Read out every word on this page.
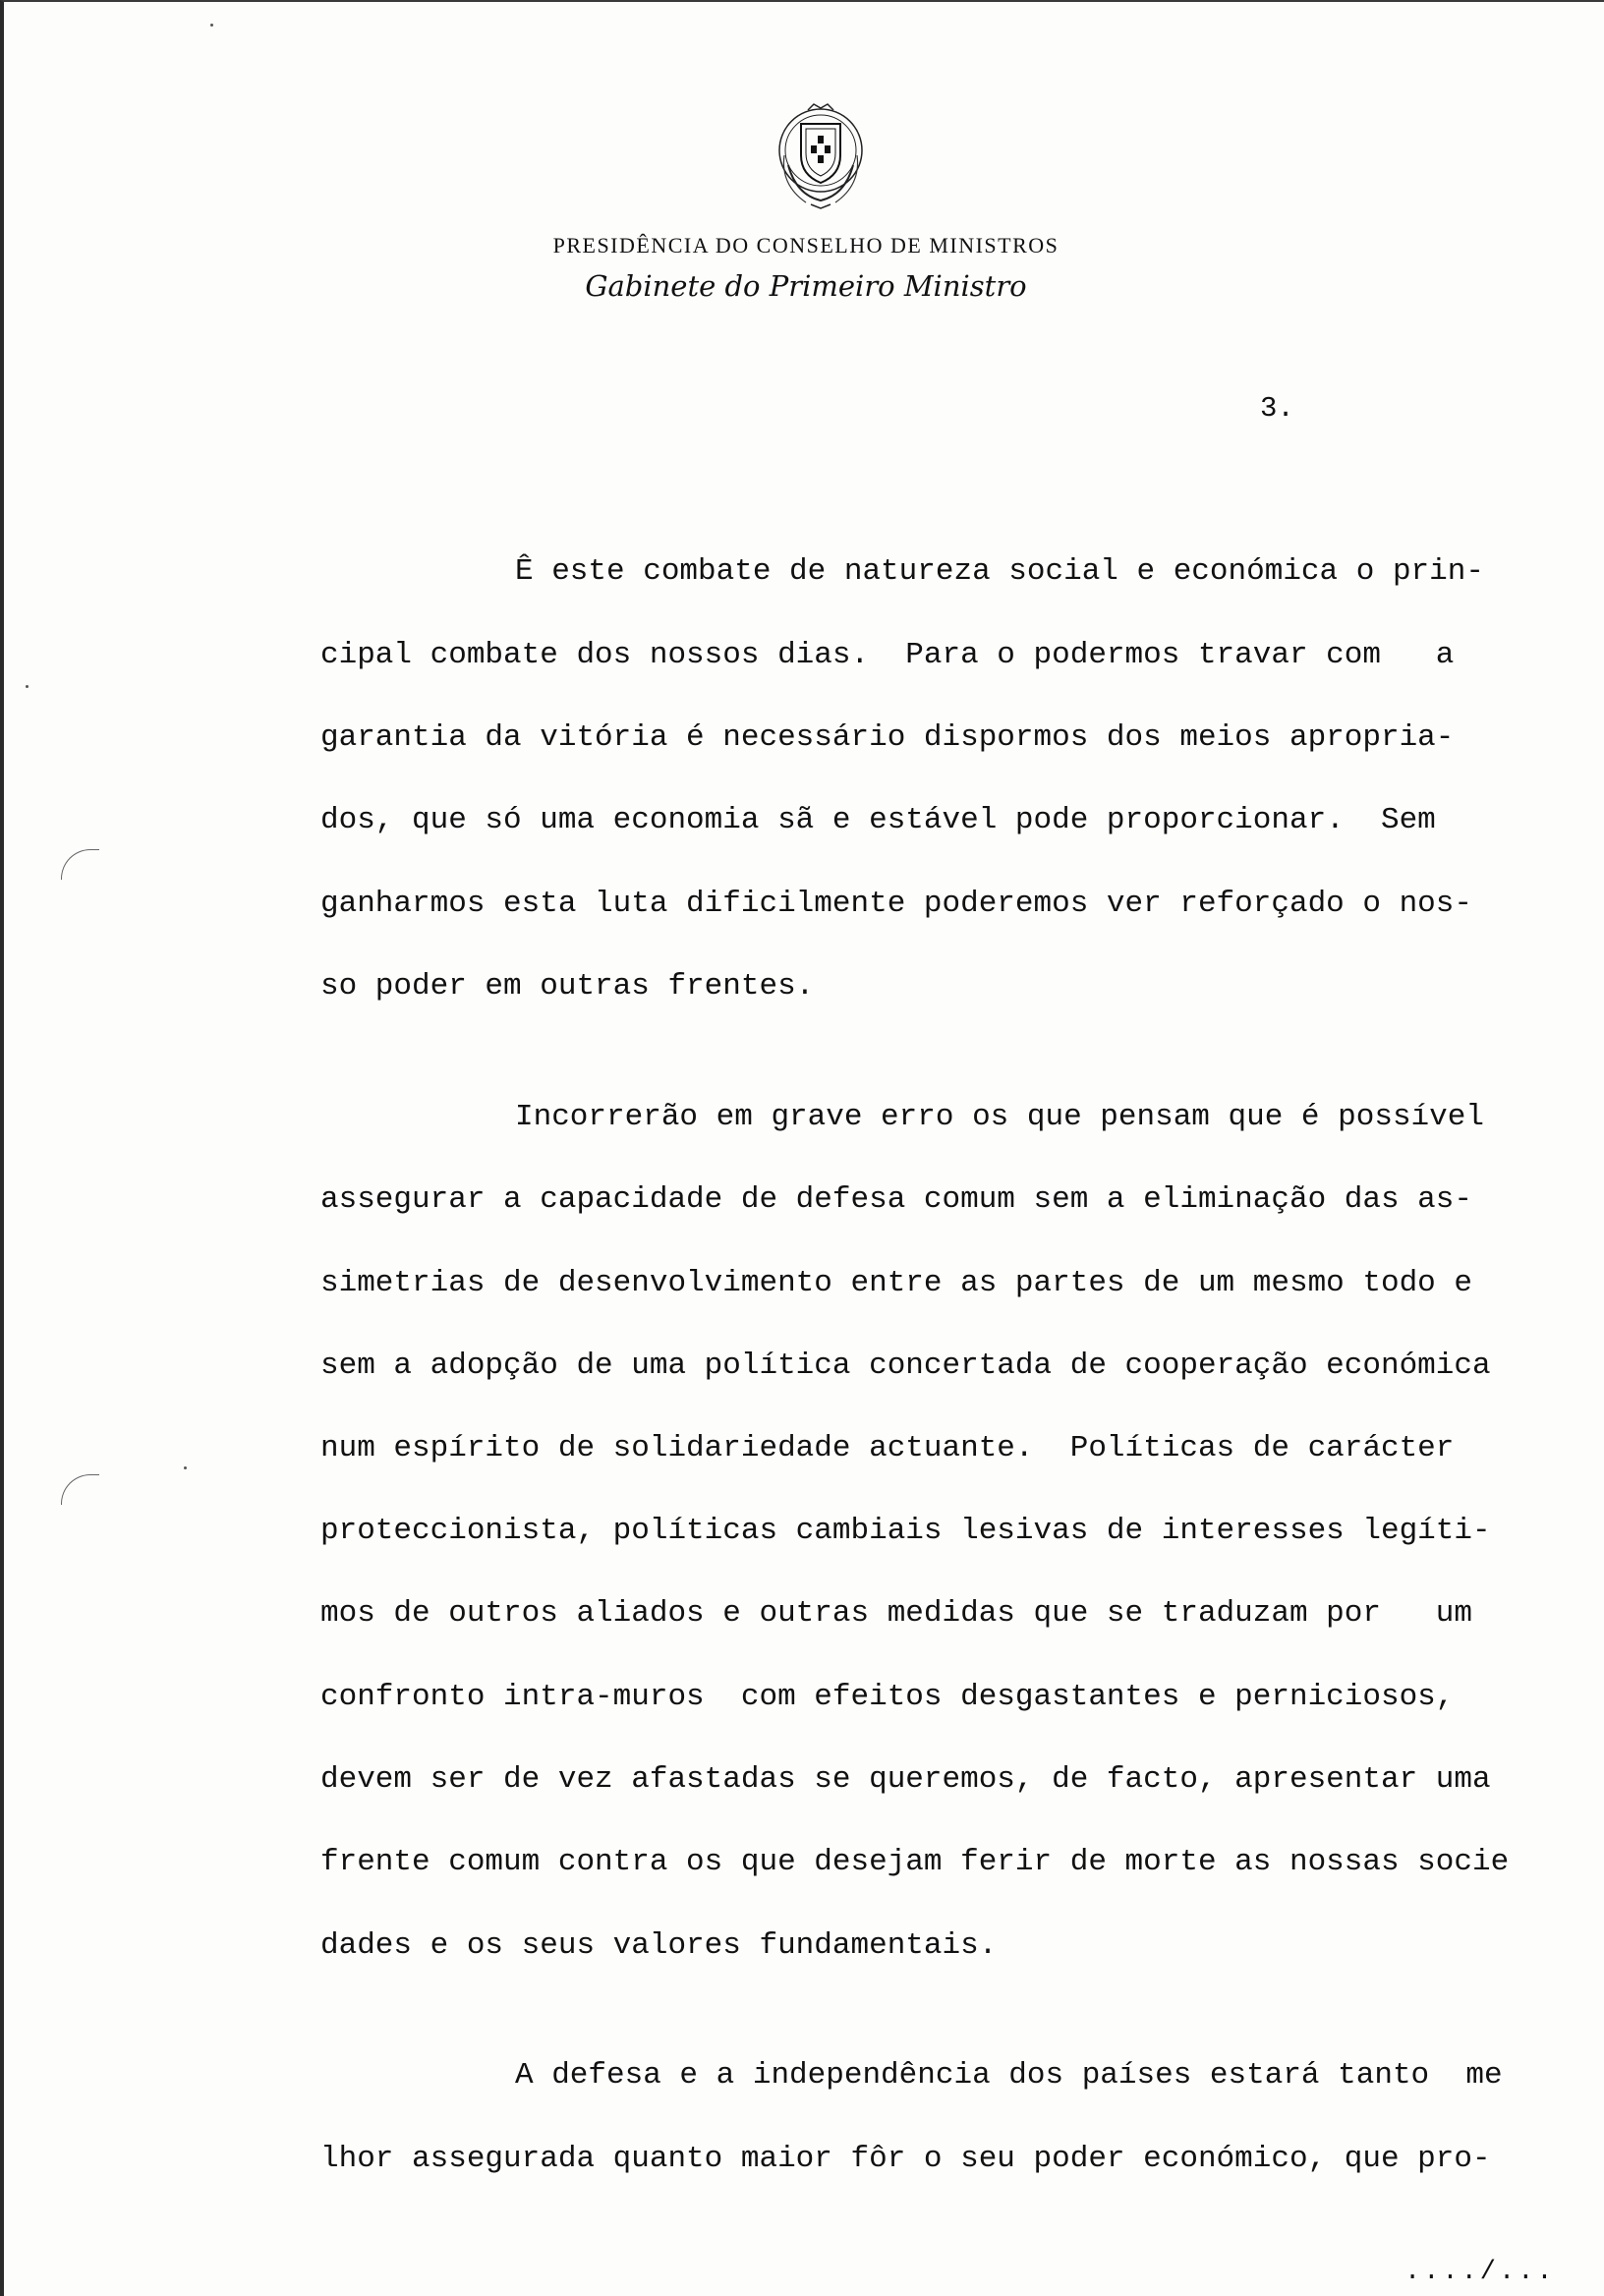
PRESIDÊNCIA DO CONSELHO DE MINISTROS
Gabinete do Primeiro Ministro
3.
Ê este combate de natureza social e económica o prin-
cipal combate dos nossos dias.  Para o podermos travar com   a
garantia da vitória é necessário dispormos dos meios apropria-
dos, que só uma economia sã e estável pode proporcionar.  Sem
ganharmos esta luta dificilmente poderemos ver reforçado o nos-
so poder em outras frentes.
Incorrerão em grave erro os que pensam que é possível
assegurar a capacidade de defesa comum sem a eliminação das as-
simetrias de desenvolvimento entre as partes de um mesmo todo e
sem a adopção de uma política concertada de cooperação económica
num espírito de solidariedade actuante.  Políticas de carácter
proteccionista, políticas cambiais lesivas de interesses legíti-
mos de outros aliados e outras medidas que se traduzam por   um
confronto intra-muros  com efeitos desgastantes e perniciosos,
devem ser de vez afastadas se queremos, de facto, apresentar uma
frente comum contra os que desejam ferir de morte as nossas socie
dades e os seus valores fundamentais.
A defesa e a independência dos países estará tanto  me
lhor assegurada quanto maior fôr o seu poder económico, que pro-
..../...
